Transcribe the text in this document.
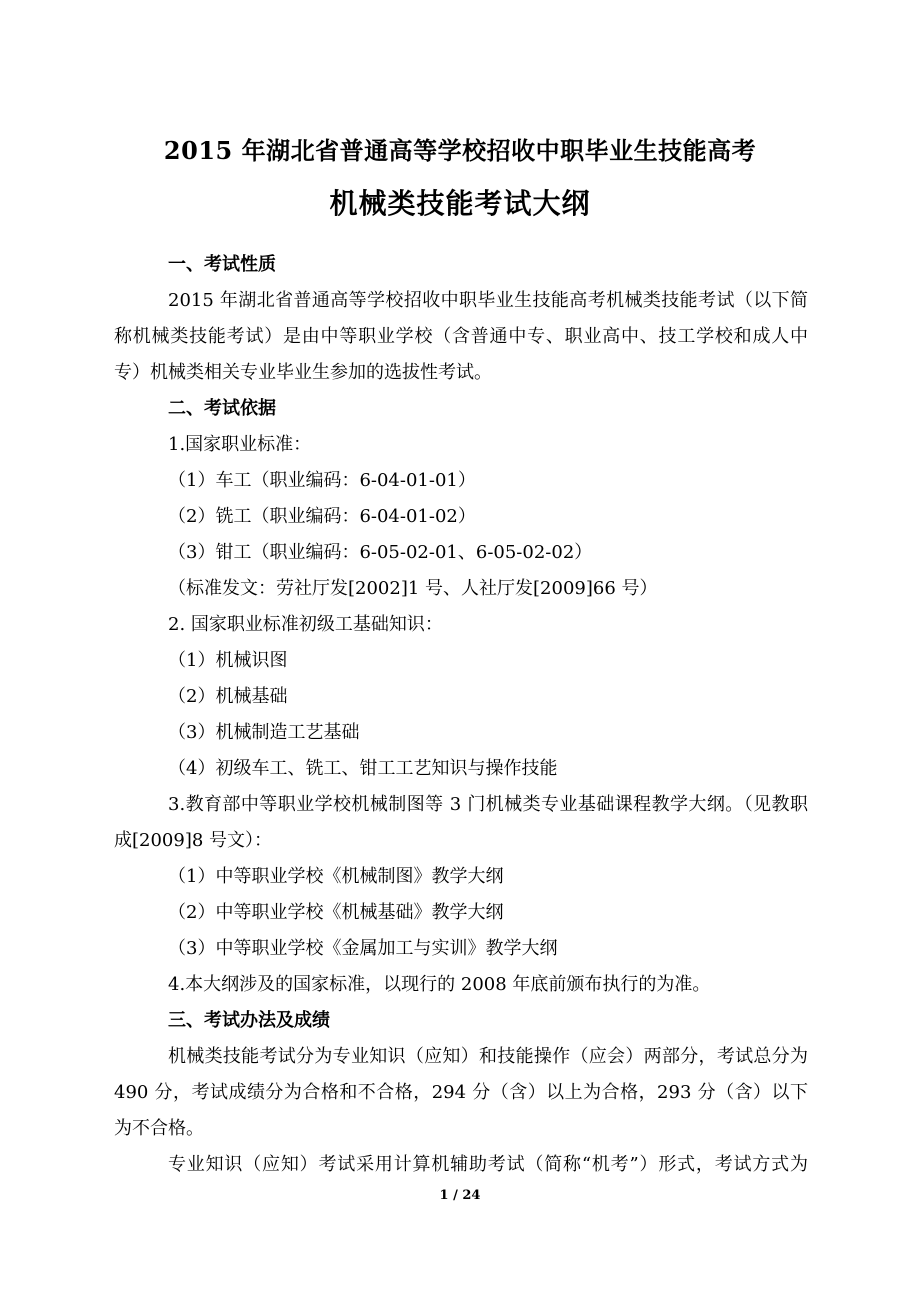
2015 年湖北省普通高等学校招收中职毕业生技能高考
机械类技能考试大纲
一、考试性质
2015 年湖北省普通高等学校招收中职毕业生技能高考机械类技能考试（以下简
称机械类技能考试）是由中等职业学校（含普通中专、职业高中、技工学校和成人中
专）机械类相关专业毕业生参加的选拔性考试。
二、考试依据
1.国家职业标准：
（1）车工（职业编码：6-04-01-01）
（2）铣工（职业编码：6-04-01-02）
（3）钳工（职业编码：6-05-02-01、6-05-02-02）
（标准发文：劳社厅发[2002]1 号、人社厅发[2009]66 号）
2. 国家职业标准初级工基础知识：
（1）机械识图
（2）机械基础
（3）机械制造工艺基础
（4）初级车工、铣工、钳工工艺知识与操作技能
3.教育部中等职业学校机械制图等 3 门机械类专业基础课程教学大纲。（见教职
成[2009]8 号文）：
（1）中等职业学校《机械制图》教学大纲
（2）中等职业学校《机械基础》教学大纲
（3）中等职业学校《金属加工与实训》教学大纲
4.本大纲涉及的国家标准，以现行的 2008 年底前颁布执行的为准。
三、考试办法及成绩
机械类技能考试分为专业知识（应知）和技能操作（应会）两部分，考试总分为
490 分，考试成绩分为合格和不合格，294 分（含）以上为合格，293 分（含）以下
为不合格。
专业知识（应知）考试采用计算机辅助考试（简称“机考”）形式，考试方式为
1 / 24
